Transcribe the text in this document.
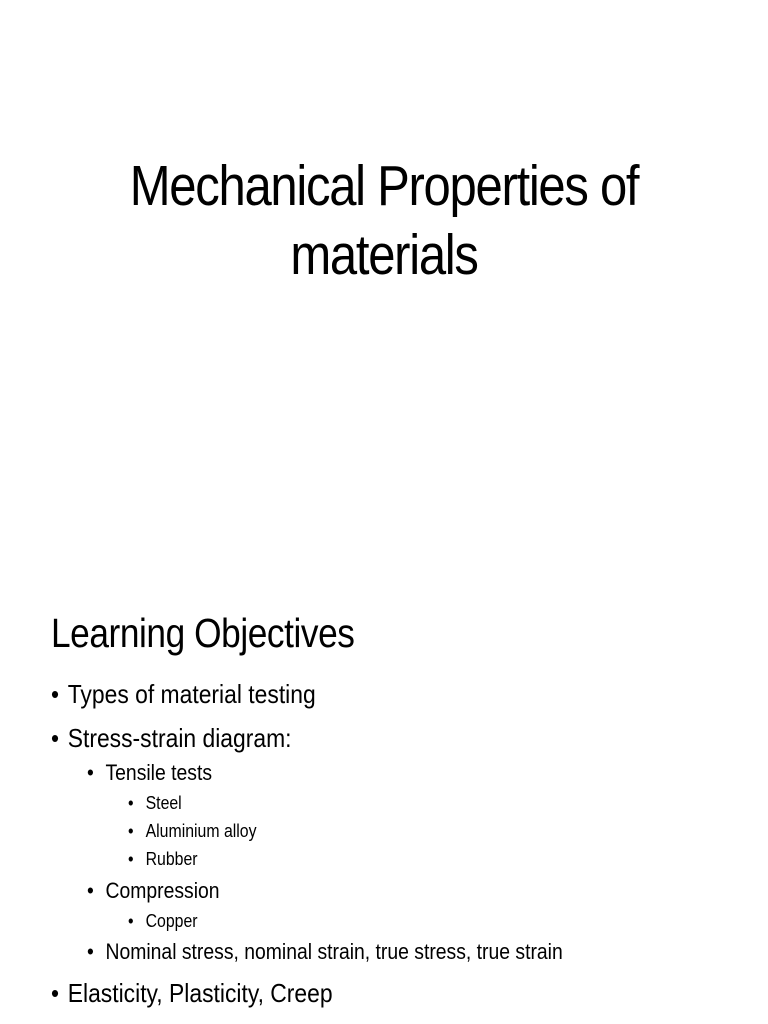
Mechanical Properties of
materials
Learning Objectives
• Types of material testing
• Stress-strain diagram:
• Tensile tests
• Steel
• Aluminium alloy
• Rubber
• Compression
• Copper
• Nominal stress, nominal strain, true stress, true strain
• Elasticity, Plasticity, Creep
